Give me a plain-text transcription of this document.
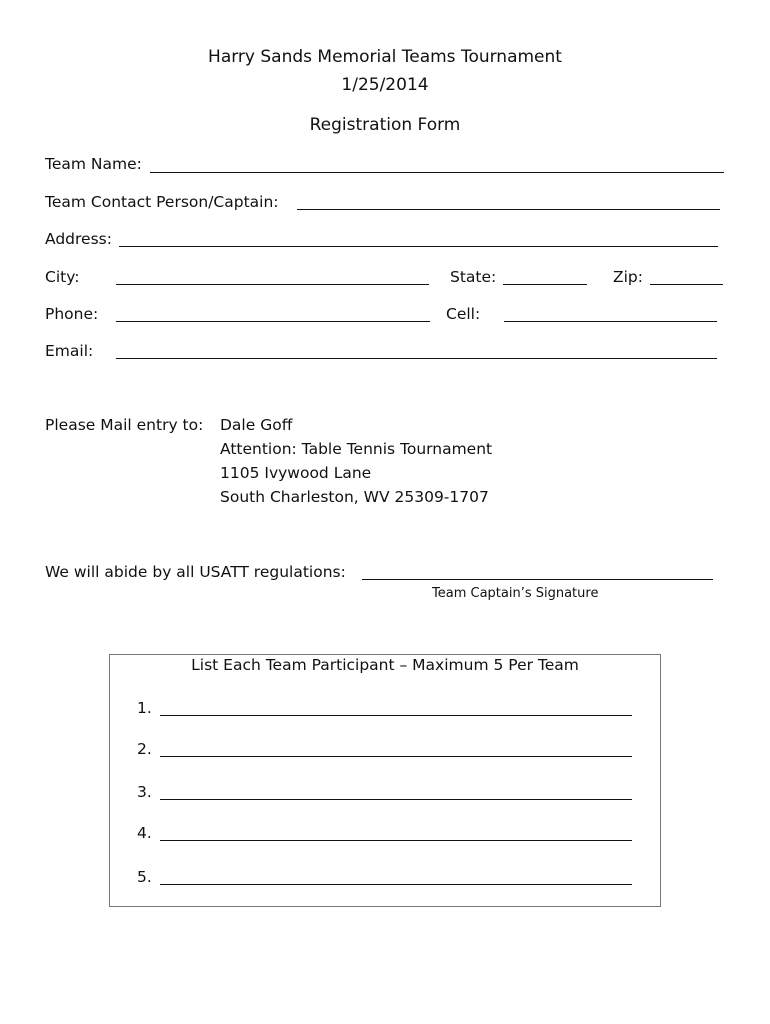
Harry Sands Memorial Teams Tournament
1/25/2014
Registration Form
Team Name:
Team Contact Person/Captain:
Address:
City:	State:	Zip:
Phone:	Cell:
Email:
Please Mail entry to: Dale Goff
Attention: Table Tennis Tournament
1105 Ivywood Lane
South Charleston, WV 25309-1707
We will abide by all USATT regulations:
Team Captain’s Signature
List Each Team Participant – Maximum 5 Per Team
1.
2.
3.
4.
5.
